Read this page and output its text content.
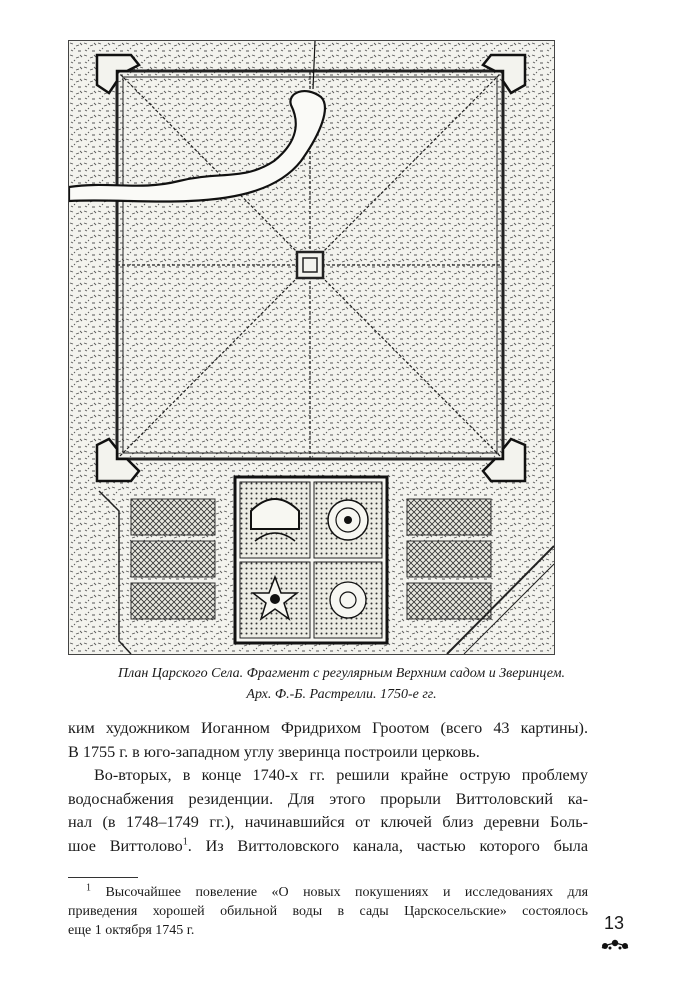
План Царского Села. Фрагмент с регулярным Верхним садом и Зверинцем.
Арх. Ф.-Б. Растрелли. 1750-е гг.

ким художником Иоганном Фридрихом Гроотом (всего 43 картины).

В 1755 г. в юго-западном углу зверинца построили церковь.

Во-вторых, в конце 1740-х гг. решили крайне острую проблему

водоснабжения резиденции. Для этого прорыли Виттоловский ка-

нал (в 1748–1749 гг.), начинавшийся от ключей близ деревни Боль-

шое Виттолово$^1$. Из Виттоловского канала, частью которого была

$^1$ Высочайшее повеление «О новых покушениях и исследованиях для

приведения хорошей обильной воды в сады Царскосельские» состоялось

еще 1 октября 1745 г.	13
